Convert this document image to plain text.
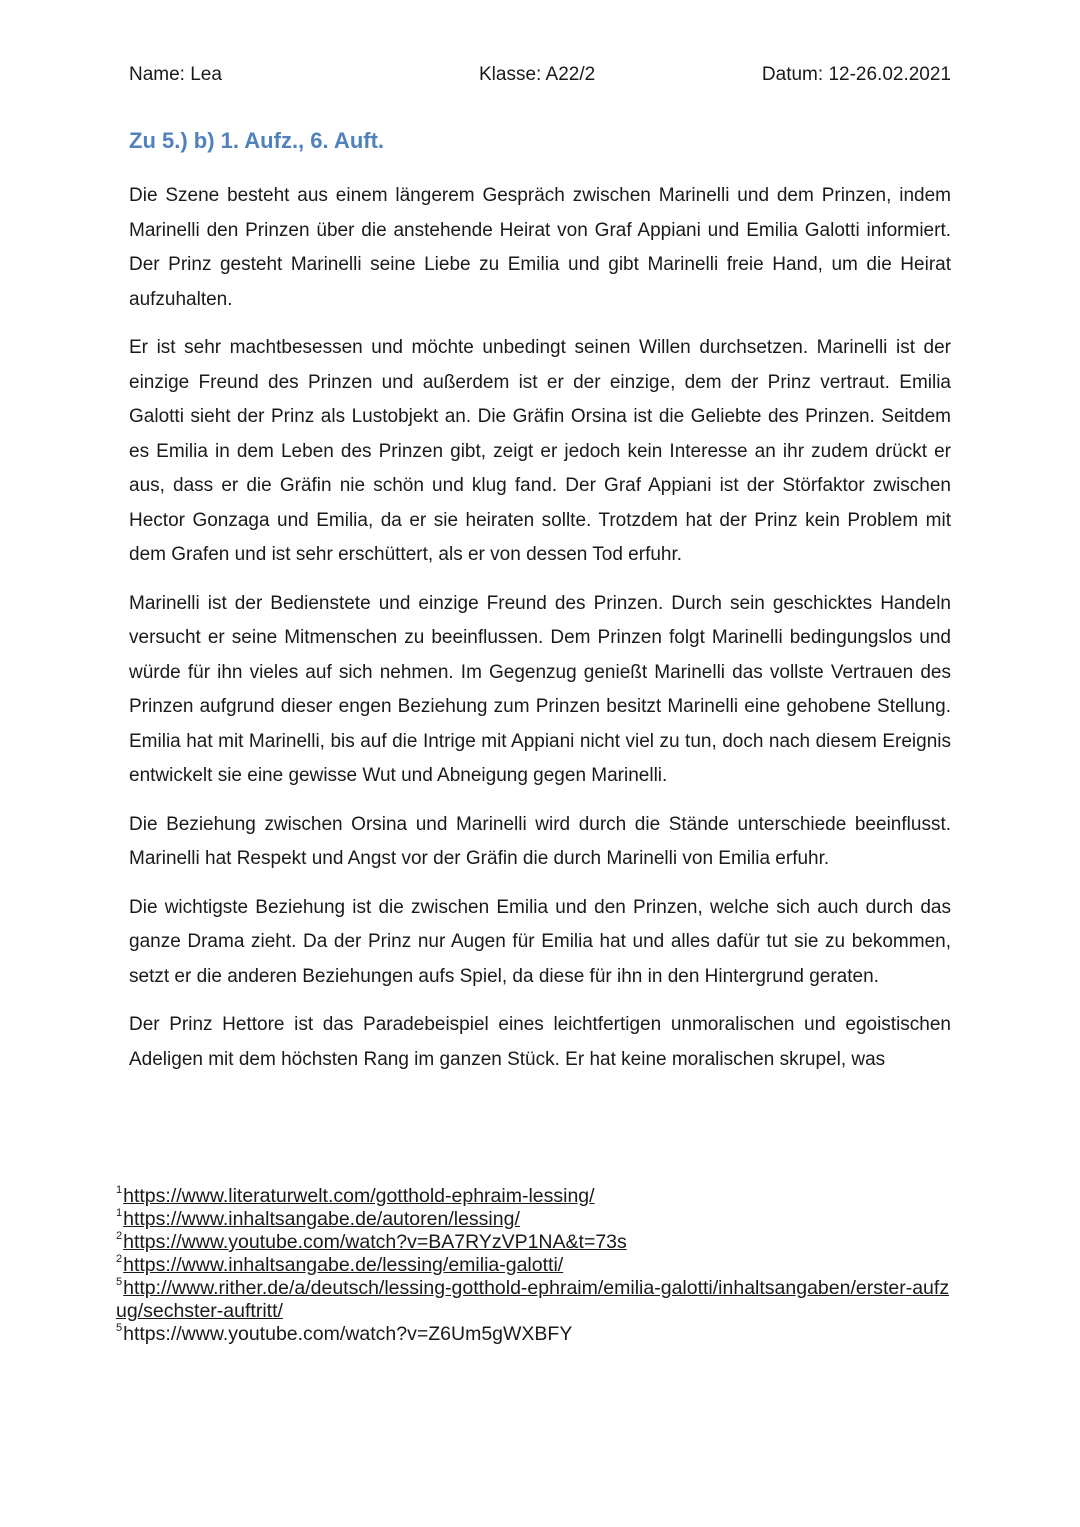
Name: Lea	Klasse: A22/2	Datum: 12-26.02.2021
Zu 5.) b) 1. Aufz., 6. Auft.

Die Szene besteht aus einem längerem Gespräch zwischen Marinelli und dem Prinzen, indem Marinelli den Prinzen über die anstehende Heirat von Graf Appiani und Emilia Galotti informiert. Der Prinz gesteht Marinelli seine Liebe zu Emilia und gibt Marinelli freie Hand, um die Heirat aufzuhalten.

Er ist sehr machtbesessen und möchte unbedingt seinen Willen durchsetzen. Marinelli ist der einzige Freund des Prinzen und außerdem ist er der einzige, dem der Prinz vertraut. Emilia Galotti sieht der Prinz als Lustobjekt an. Die Gräfin Orsina ist die Geliebte des Prinzen. Seitdem es Emilia in dem Leben des Prinzen gibt, zeigt er jedoch kein Interesse an ihr zudem drückt er aus, dass er die Gräfin nie schön und klug fand. Der Graf Appiani ist der Störfaktor zwischen Hector Gonzaga und Emilia, da er sie heiraten sollte. Trotzdem hat der Prinz kein Problem mit dem Grafen und ist sehr erschüttert, als er von dessen Tod erfuhr.

Marinelli ist der Bedienstete und einzige Freund des Prinzen. Durch sein geschicktes Handeln versucht er seine Mitmenschen zu beeinflussen. Dem Prinzen folgt Marinelli bedingungslos und würde für ihn vieles auf sich nehmen. Im Gegenzug genießt Marinelli das vollste Vertrauen des Prinzen aufgrund dieser engen Beziehung zum Prinzen besitzt Marinelli eine gehobene Stellung. Emilia hat mit Marinelli, bis auf die Intrige mit Appiani nicht viel zu tun, doch nach diesem Ereignis entwickelt sie eine gewisse Wut und Abneigung gegen Marinelli.

Die Beziehung zwischen Orsina und Marinelli wird durch die Stände unterschiede beeinflusst. Marinelli hat Respekt und Angst vor der Gräfin die durch Marinelli von Emilia erfuhr.

Die wichtigste Beziehung ist die zwischen Emilia und den Prinzen, welche sich auch durch das ganze Drama zieht. Da der Prinz nur Augen für Emilia hat und alles dafür tut sie zu bekommen, setzt er die anderen Beziehungen aufs Spiel, da diese für ihn in den Hintergrund geraten.

Der Prinz Hettore ist das Paradebeispiel eines leichtfertigen unmoralischen und egoistischen Adeligen mit dem höchsten Rang im ganzen Stück. Er hat keine moralischen skrupel, was

$^1$https://www.literaturwelt.com/gotthold-ephraim-lessing/
$^1$https://www.inhaltsangabe.de/autoren/lessing/
$^2$https://www.youtube.com/watch?v=BA7RYzVP1NA&t=73s
$^2$https://www.inhaltsangabe.de/lessing/emilia-galotti/
$^5$http://www.rither.de/a/deutsch/lessing-gotthold-ephraim/emilia-galotti/inhaltsangaben/erster-aufzug/sechster-auftritt/
$^5$https://www.youtube.com/watch?v=Z6Um5gWXBFY
